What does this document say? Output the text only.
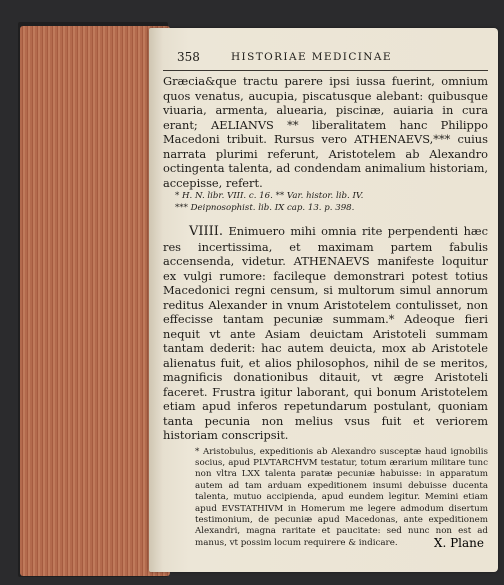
358	HISTORIAE MEDICINAE

Græcia&que tractu parere ipsi iussa fuerint, omnium quos venatus, aucupia, piscatusque alebant: quibusque viuaria, armenta, aluearia, piscinæ, auiaria in cura erant; AELIANVS ** liberalitatem hanc Philippo Macedoni tribuit. Rursus vero ATHENAEVS,*** cuius narrata plurimi referunt, Aristotelem ab Alexandro octingenta talenta, ad condendam animalium historiam, accepisse, refert.

* H. N. libr. VIII. c. 16. ** Var. histor. lib. IV.
*** Deipnosophist. lib. IX cap. 13. p. 398.

VIIII. Enimuero mihi omnia rite perpendenti hæc res incertissima, et maximam partem fabulis accensenda, videtur. ATHENAEVS manifeste loquitur ex vulgi rumore: facileque demonstrari potest totius Macedonici regni censum, si multorum simul annorum reditus Alexander in vnum Aristotelem contulisset, non effecisse tantam pecuniæ summam.* Adeoque fieri nequit vt ante Asiam deuictam Aristoteli summam tantam dederit: hac autem deuicta, mox ab Aristotele alienatus fuit, et alios philosophos, nihil de se meritos, magnificis donationibus ditauit, vt ægre Aristoteli faceret. Frustra igitur laborant, qui bonum Aristotelem etiam apud inferos repetundarum postulant, quoniam tanta pecunia non melius vsus fuit et veriorem historiam conscripsit.

* Aristobulus, expeditionis ab Alexandro susceptæ haud ignobilis socius, apud PLVTARCHVM testatur, totum ærarium militare tunc non vltra LXX talenta paratæ pecuniæ habuisse: in apparatum autem ad tam arduam expeditionem insumi debuisse ducenta talenta, mutuo accipienda, apud eundem legitur. Memini etiam apud EVSTATHIVM in Homerum me legere admodum disertum testimonium, de pecuniæ apud Macedonas, ante expeditionem Alexandri, magna raritate et paucitate: sed nunc non est ad manus, vt possim locum requirere & indicare.	X. Plane
